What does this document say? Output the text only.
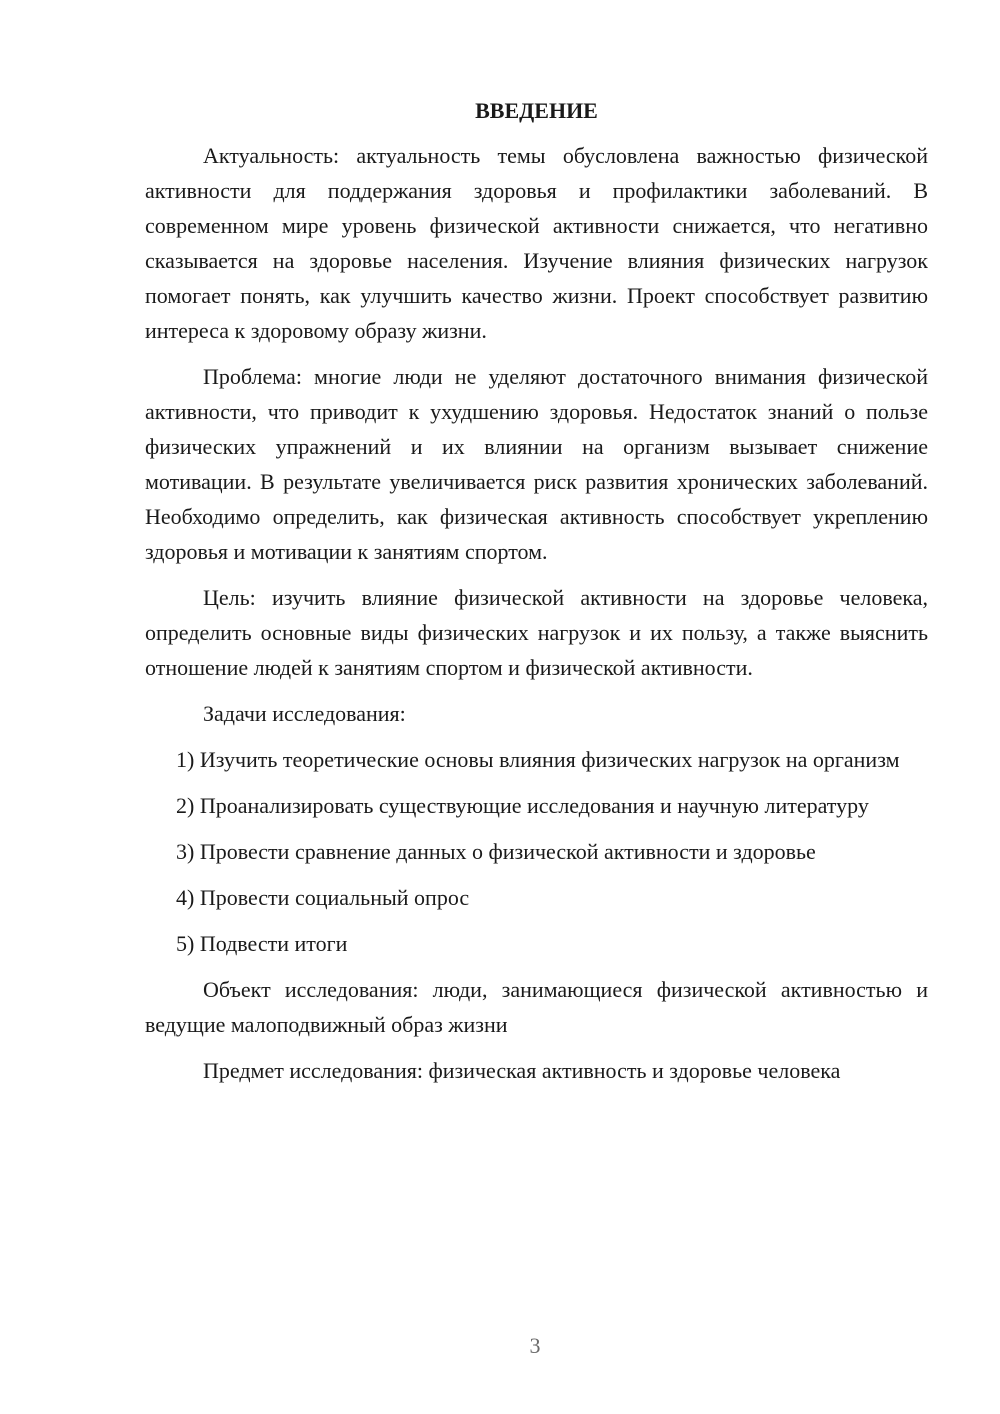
ВВЕДЕНИЕ

Актуальность: актуальность темы обусловлена важностью физической активности для поддержания здоровья и профилактики заболеваний. В современном мире уровень физической активности снижается, что негативно сказывается на здоровье населения. Изучение влияния физических нагрузок помогает понять, как улучшить качество жизни. Проект способствует развитию интереса к здоровому образу жизни.

Проблема: многие люди не уделяют достаточного внимания физической активности, что приводит к ухудшению здоровья. Недостаток знаний о пользе физических упражнений и их влиянии на организм вызывает снижение мотивации. В результате увеличивается риск развития хронических заболеваний. Необходимо определить, как физическая активность способствует укреплению здоровья и мотивации к занятиям спортом.

Цель: изучить влияние физической активности на здоровье человека, определить основные виды физических нагрузок и их пользу, а также выяснить отношение людей к занятиям спортом и физической активности.

Задачи исследования:

1) Изучить теоретические основы влияния физических нагрузок на организм

2) Проанализировать существующие исследования и научную литературу

3) Провести сравнение данных о физической активности и здоровье

4) Провести социальный опрос

5) Подвести итоги

Объект исследования: люди, занимающиеся физической активностью и ведущие малоподвижный образ жизни

Предмет исследования: физическая активность и здоровье человека

3
